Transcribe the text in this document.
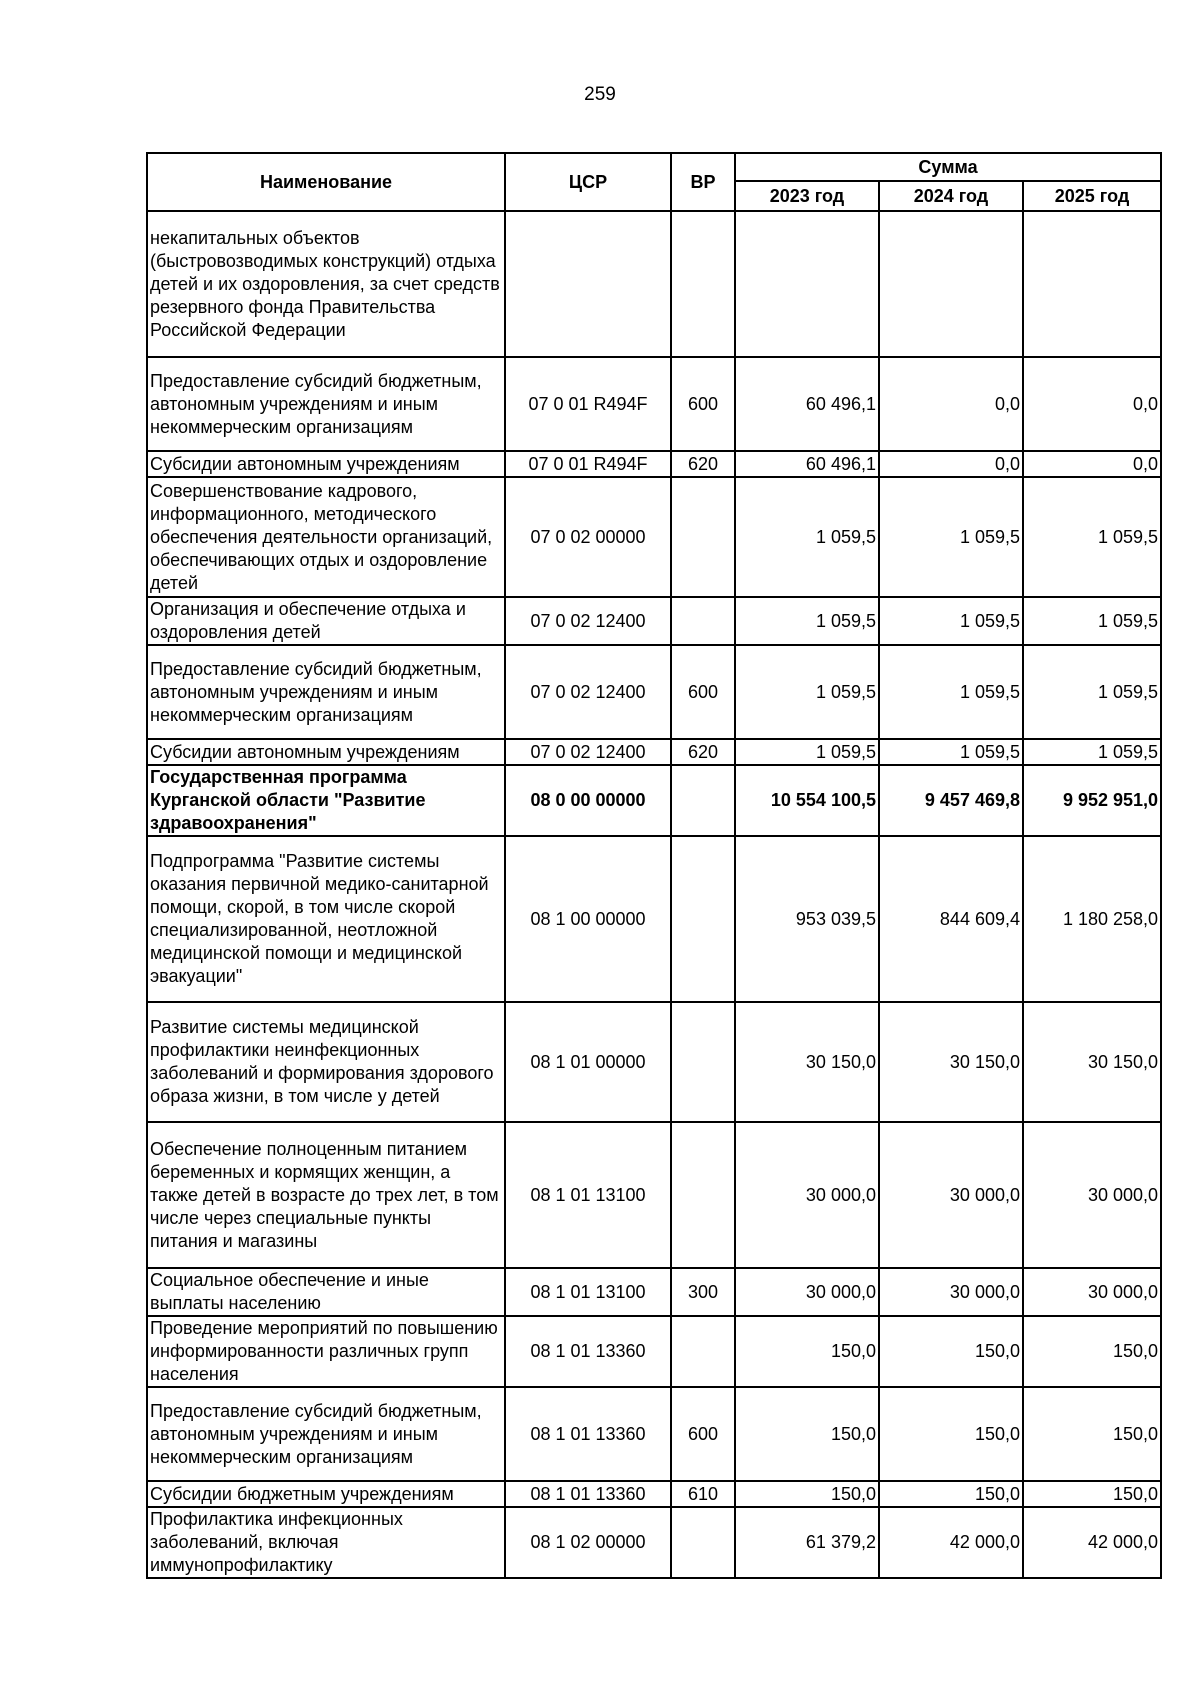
259
Наименование	ЦСР	ВР	Сумма		
			2023 год	2024 год	2025 год
некапитальных объектов (быстровозводимых конструкций) отдыха детей и их оздоровления, за счет средств резервного фонда Правительства Российской Федерации					
Предоставление субсидий бюджетным, автономным учреждениям и иным некоммерческим организациям	07 0 01 R494F	600	60 496,1	0,0	0,0
Субсидии автономным учреждениям	07 0 01 R494F	620	60 496,1	0,0	0,0
Совершенствование кадрового, информационного, методического обеспечения деятельности организаций, обеспечивающих отдых и оздоровление детей	07 0 02 00000		1 059,5	1 059,5	1 059,5
Организация и обеспечение отдыха и оздоровления детей	07 0 02 12400		1 059,5	1 059,5	1 059,5
Предоставление субсидий бюджетным, автономным учреждениям и иным некоммерческим организациям	07 0 02 12400	600	1 059,5	1 059,5	1 059,5
Субсидии автономным учреждениям	07 0 02 12400	620	1 059,5	1 059,5	1 059,5
Государственная программа Курганской области "Развитие здравоохранения"	08 0 00 00000		10 554 100,5	9 457 469,8	9 952 951,0
Подпрограмма "Развитие системы оказания первичной медико-санитарной помощи, скорой, в том числе скорой специализированной, неотложной медицинской помощи и медицинской эвакуации"	08 1 00 00000		953 039,5	844 609,4	1 180 258,0
Развитие системы медицинской профилактики неинфекционных заболеваний и формирования здорового образа жизни, в том числе у детей	08 1 01 00000		30 150,0	30 150,0	30 150,0
Обеспечение полноценным питанием беременных и кормящих женщин, а также детей в возрасте до трех лет, в том числе через специальные пункты питания и магазины	08 1 01 13100		30 000,0	30 000,0	30 000,0
Социальное обеспечение и иные выплаты населению	08 1 01 13100	300	30 000,0	30 000,0	30 000,0
Проведение мероприятий по повышению информированности различных групп населения	08 1 01 13360		150,0	150,0	150,0
Предоставление субсидий бюджетным, автономным учреждениям и иным некоммерческим организациям	08 1 01 13360	600	150,0	150,0	150,0
Субсидии бюджетным учреждениям	08 1 01 13360	610	150,0	150,0	150,0
Профилактика инфекционных заболеваний, включая иммунопрофилактику	08 1 02 00000		61 379,2	42 000,0	42 000,0
